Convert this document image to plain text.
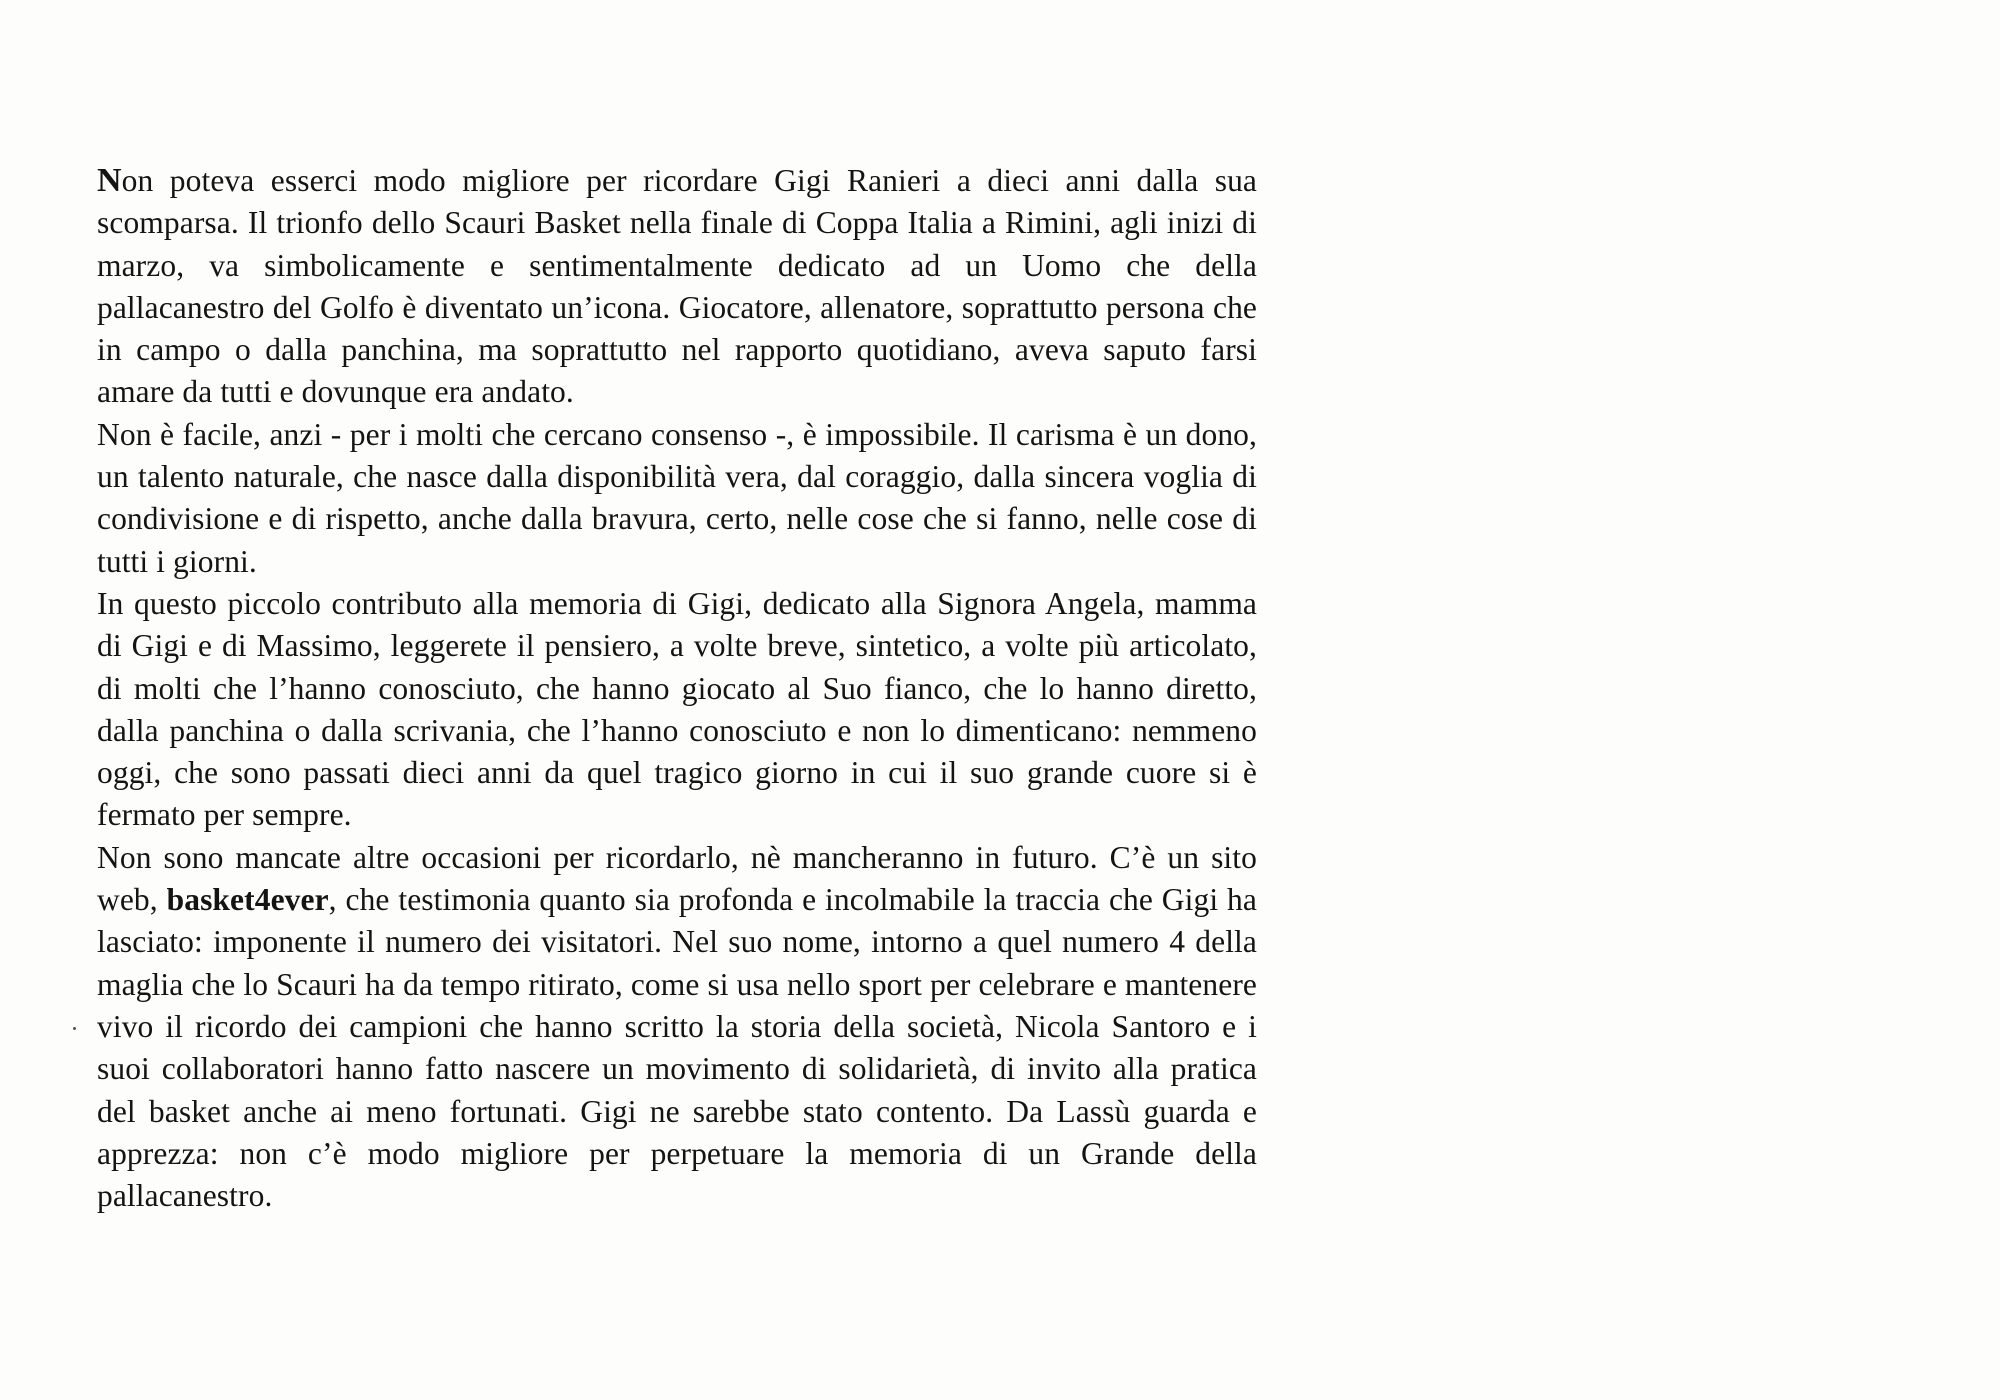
Non poteva esserci modo migliore per ricordare Gigi Ranieri a dieci anni dalla sua scomparsa. Il trionfo dello Scauri Basket nella finale di Coppa Italia a Rimini, agli inizi di marzo, va simbolicamente e sentimentalmente dedicato ad un Uomo che della pallacanestro del Golfo è diventato un’icona. Giocatore, allenatore, soprattutto persona che in campo o dalla panchina, ma soprattutto nel rapporto quotidiano, aveva saputo farsi amare da tutti e dovunque era andato.

Non è facile, anzi - per i molti che cercano consenso -, è impossibile. Il carisma è un dono, un talento naturale, che nasce dalla disponibilità vera, dal coraggio, dalla sincera voglia di condivisione e di rispetto, anche dalla bravura, certo, nelle cose che si fanno, nelle cose di tutti i giorni.

In questo piccolo contributo alla memoria di Gigi, dedicato alla Signora Angela, mamma di Gigi e di Massimo, leggerete il pensiero, a volte breve, sintetico, a volte più articolato, di molti che l’hanno conosciuto, che hanno giocato al Suo fianco, che lo hanno diretto, dalla panchina o dalla scrivania, che l’hanno conosciuto e non lo dimenticano: nemmeno oggi, che sono passati dieci anni da quel tragico giorno in cui il suo grande cuore si è fermato per sempre.

Non sono mancate altre occasioni per ricordarlo, nè mancheranno in futuro. C’è un sito web, basket4ever, che testimonia quanto sia profonda e incolmabile la traccia che Gigi ha lasciato: imponente il numero dei visitatori. Nel suo nome, intorno a quel numero 4 della maglia che lo Scauri ha da tempo ritirato, come si usa nello sport per celebrare e mantenere vivo il ricordo dei campioni che hanno scritto la storia della società, Nicola Santoro e i suoi collaboratori hanno fatto nascere un movimento di solidarietà, di invito alla pratica del basket anche ai meno fortunati. Gigi ne sarebbe stato contento. Da Lassù guarda e apprezza: non c’è modo migliore per perpetuare la memoria di un Grande della pallacanestro.
